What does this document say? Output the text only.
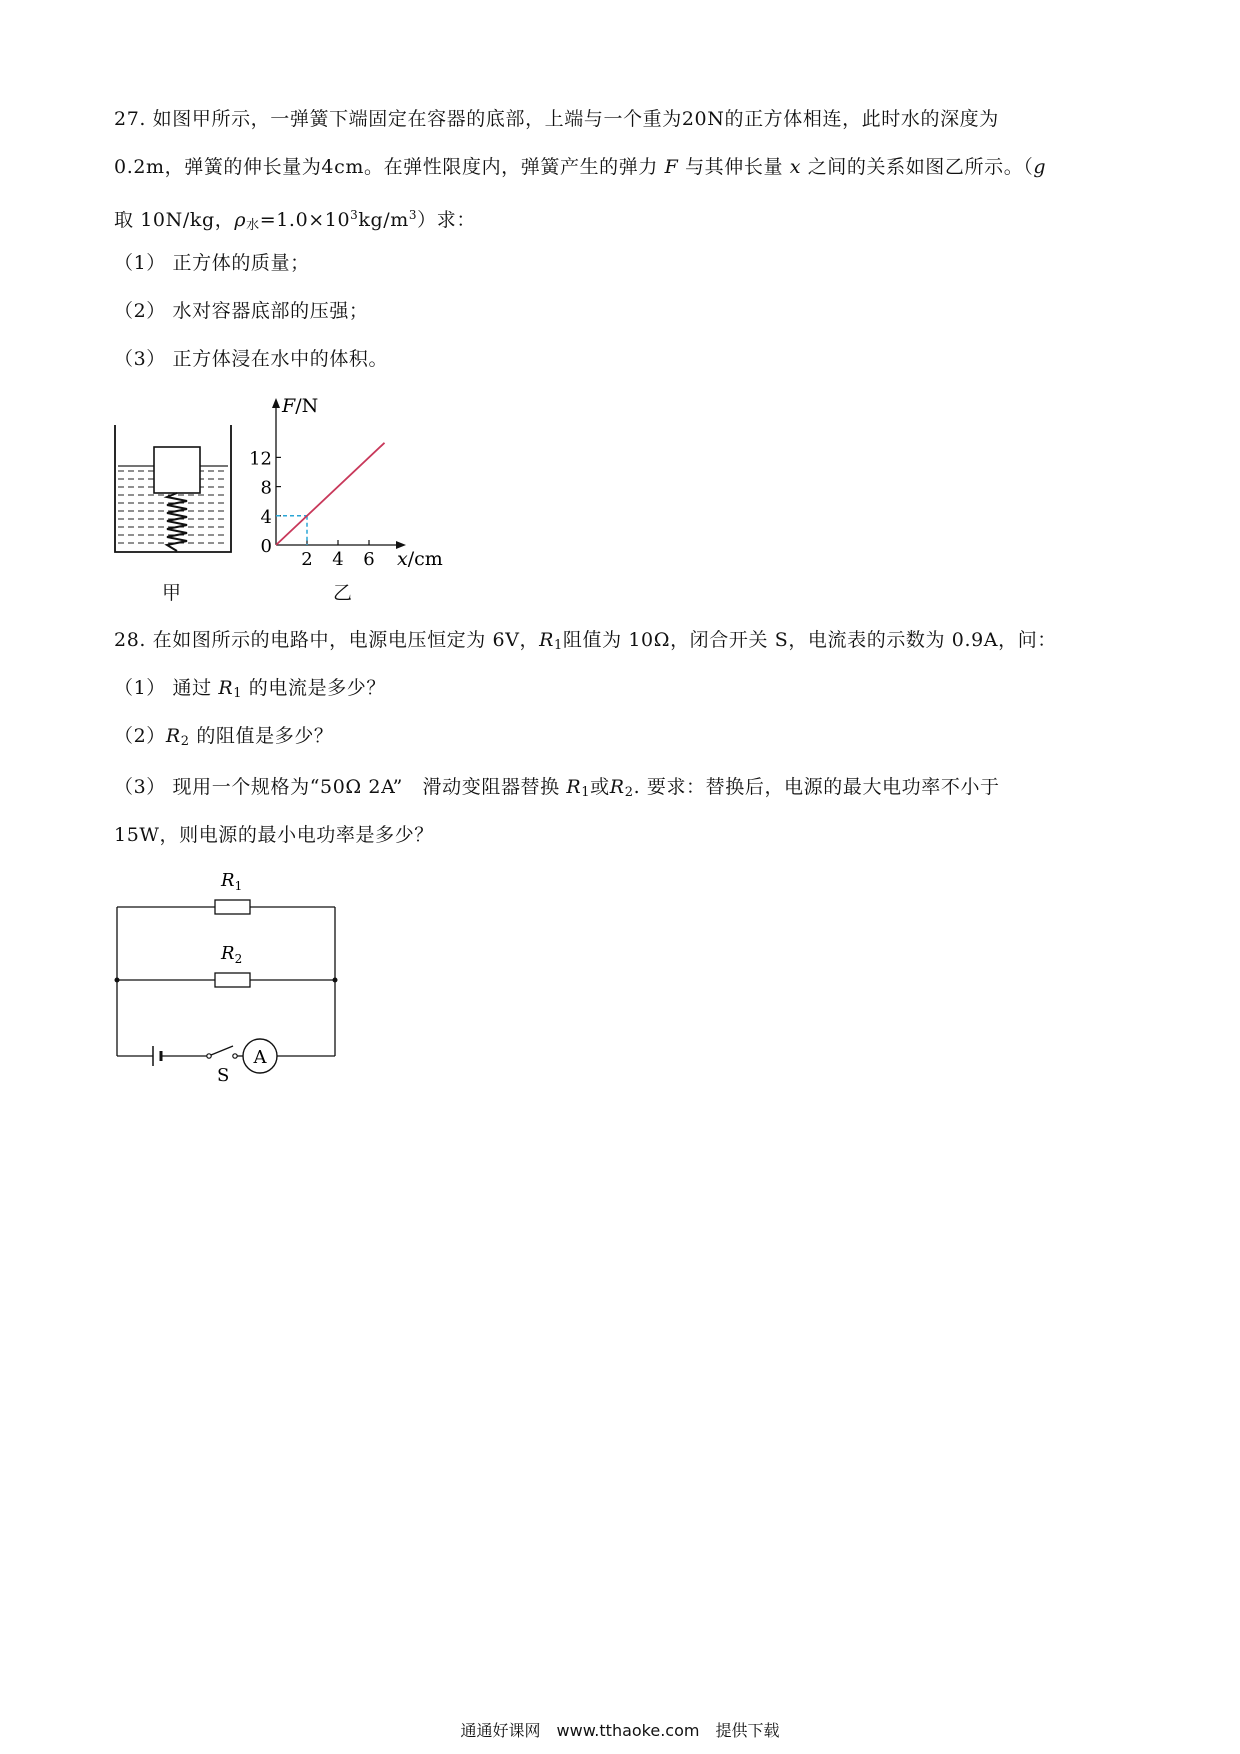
27. 如图甲所示，一弹簧下端固定在容器的底部，上端与一个重为20N的正方体相连，此时水的深度为
0.2m，弹簧的伸长量为4cm。在弹性限度内，弹簧产生的弹力 F 与其伸长量 x 之间的关系如图乙所示。（g
取 10N/kg，$\rho_水=1.0\times 10^3kg/m^3$）求：
（1） 正方体的质量；
（2） 水对容器底部的压强；
（3） 正方体浸在水中的体积。
甲
F/N
x/cm
0
4
8
12
2 4 6
乙
28. 在如图所示的电路中，电源电压恒定为 6V，$R_1$阻值为 10Ω，闭合开关 S，电流表的示数为 0.9A，问：
（1） 通过 $R_1$ 的电流是多少？
$(2)R_2$ 的阻值是多少？
（3） 现用一个规格为“50Ω 2A”　滑动变阻器替换 $R_1$或$R_2$. 要求：替换后，电源的最大电功率不小于
15W，则电源的最小电功率是多少？
$R_1$
$R_2$
S
A
通通好课网　www.tthaoke.com　提供下载
